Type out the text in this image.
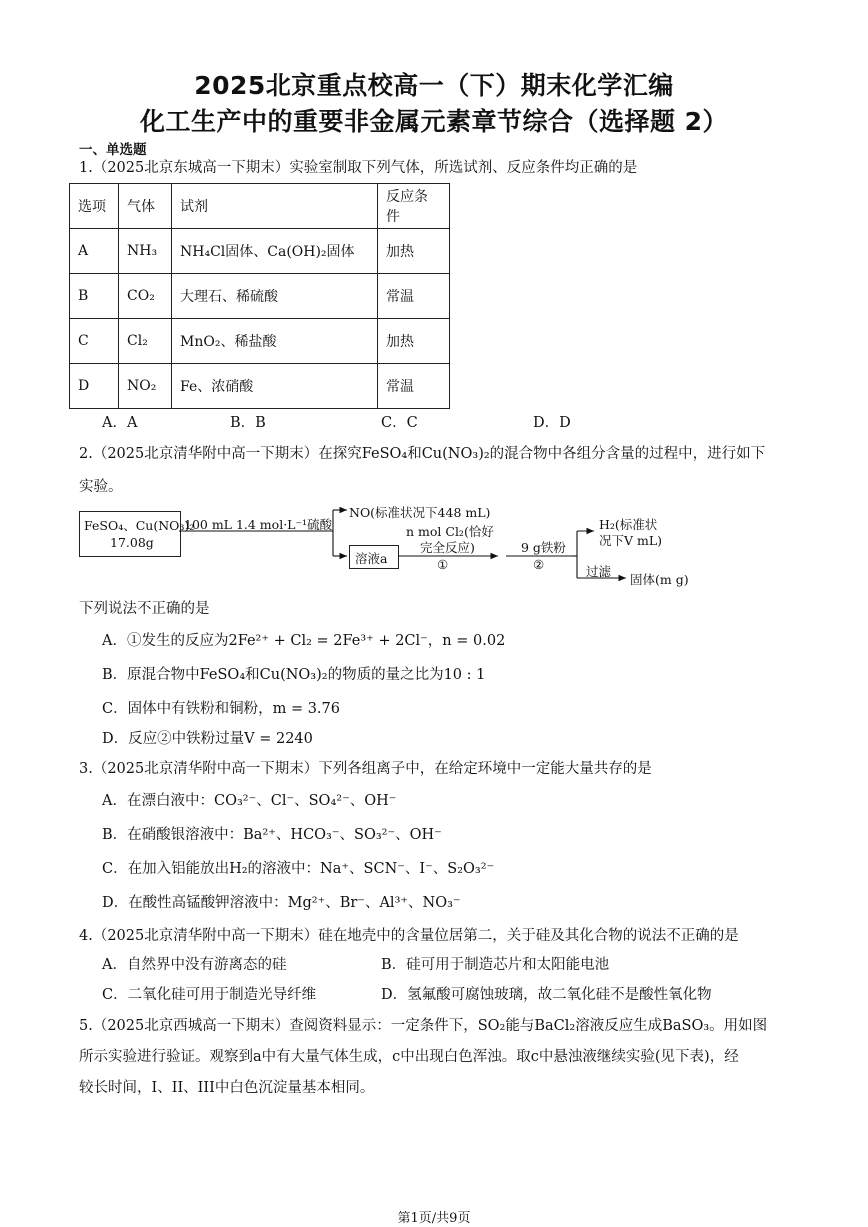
2025北京重点校高一（下）期末化学汇编
化工生产中的重要非金属元素章节综合（选择题 2）
一、单选题
1.（2025北京东城高一下期末）实验室制取下列气体，所选试剂、反应条件均正确的是
选项	气体	试剂	反应条件
A	NH₃	NH₄Cl固体、Ca(OH)₂固体	加热
B	CO₂	大理石、稀硫酸	常温
C	Cl₂	MnO₂、稀盐酸	加热
D	NO₂	Fe、浓硝酸	常温
A．A	B．B	C．C	D．D
2.（2025北京清华附中高一下期末）在探究FeSO₄和Cu(NO₃)₂的混合物中各组分含量的过程中，进行如下
实验。
FeSO₄、Cu(NO₃)₂
17.08g
100 mL 1.4 mol·L⁻¹硫酸
NO(标准状况下448 mL)
溶液a
n mol Cl₂(恰好
完全反应)
①
9 g铁粉
②
H₂(标准状
况下V mL)
过滤
固体(m g)
下列说法不正确的是
A．①发生的反应为2Fe²⁺ + Cl₂ = 2Fe³⁺ + 2Cl⁻，n = 0.02
B．原混合物中FeSO₄和Cu(NO₃)₂的物质的量之比为10 : 1
C．固体中有铁粉和铜粉，m = 3.76
D．反应②中铁粉过量V = 2240
3.（2025北京清华附中高一下期末）下列各组离子中，在给定环境中一定能大量共存的是
A．在漂白液中：CO₃²⁻、Cl⁻、SO₄²⁻、OH⁻
B．在硝酸银溶液中：Ba²⁺、HCO₃⁻、SO₃²⁻、OH⁻
C．在加入铝能放出H₂的溶液中：Na⁺、SCN⁻、I⁻、S₂O₃²⁻
D．在酸性高锰酸钾溶液中：Mg²⁺、Br⁻、Al³⁺、NO₃⁻
4.（2025北京清华附中高一下期末）硅在地壳中的含量位居第二，关于硅及其化合物的说法不正确的是
A．自然界中没有游离态的硅	B．硅可用于制造芯片和太阳能电池
C．二氧化硅可用于制造光导纤维	D．氢氟酸可腐蚀玻璃，故二氧化硅不是酸性氧化物
5.（2025北京西城高一下期末）查阅资料显示：一定条件下，SO₂能与BaCl₂溶液反应生成BaSO₃。用如图
所示实验进行验证。观察到a中有大量气体生成，c中出现白色浑浊。取c中悬浊液继续实验(见下表)，经
较长时间，I、II、III中白色沉淀量基本相同。
第1页/共9页
